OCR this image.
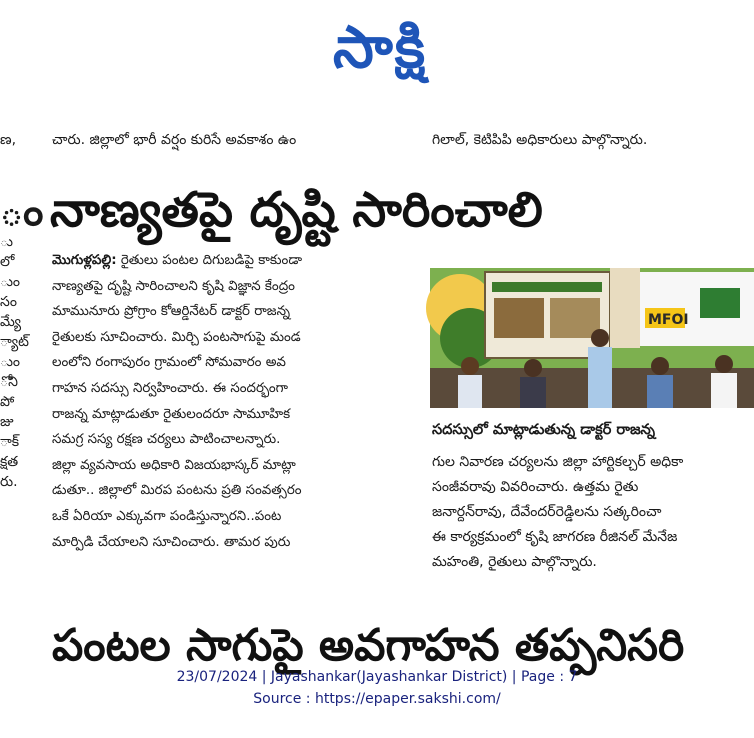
సాక్షి
ణ,	చారు. జిల్లాలో భారీ వర్షం కురిసే అవకాశం ఉం	గిలాల్, కెటిపిపి అధికారులు పాల్గొన్నారు.
ం
ు
లో
ుం
సం
మ్యే
్యాట్
ుం
ోని
పో
జు
ాక్
క్షత
రు.
నాణ్యతపై దృష్టి సారించాలి
మొగుళ్లపల్లి: రైతులు పంటల దిగుబడిపై కాకుండా
నాణ్యతపై దృష్టి సారించాలని కృషి విజ్ఞాన కేంద్రం
మామునూరు ప్రోగ్రాం కోఆర్డినేటర్ డాక్టర్ రాజన్న
రైతులకు సూచించారు. మిర్చి పంటసాగుపై మండ
లంలోని రంగాపురం గ్రామంలో సోమవారం అవ
గాహన సదస్సు నిర్వహించారు. ఈ సందర్భంగా
రాజన్న మాట్లాడుతూ రైతులందరూ సామూహిక
సమగ్ర సస్య రక్షణ చర్యలు పాటించాలన్నారు.
జిల్లా వ్యవసాయ అధికారి విజయభాస్కర్ మాట్లా
డుతూ.. జిల్లాలో మిరప పంటను ప్రతి సంవత్సరం
ఒకే ఏరియా ఎక్కువగా పండిస్తున్నారని..పంట
మార్పిడి చేయాలని సూచించారు. తామర పురు
MFOI
సదస్సులో మాట్లాడుతున్న డాక్టర్ రాజన్న
గుల నివారణ చర్యలను జిల్లా హార్టికల్చర్ అధికా
సంజీవరావు వివరించారు. ఉత్తమ రైతు
జనార్దన్‌రావు, దేవేందర్‌రెడ్డిలను సత్కరించా
ఈ కార్యక్రమంలో కృషి జాగరణ రీజినల్ మేనేజ
మహంతి, రైతులు పాల్గొన్నారు.
పంటల సాగుపై అవగాహన తప్పనిసరి
23/07/2024 | Jayashankar(Jayashankar District) | Page : 7
Source : https://epaper.sakshi.com/
